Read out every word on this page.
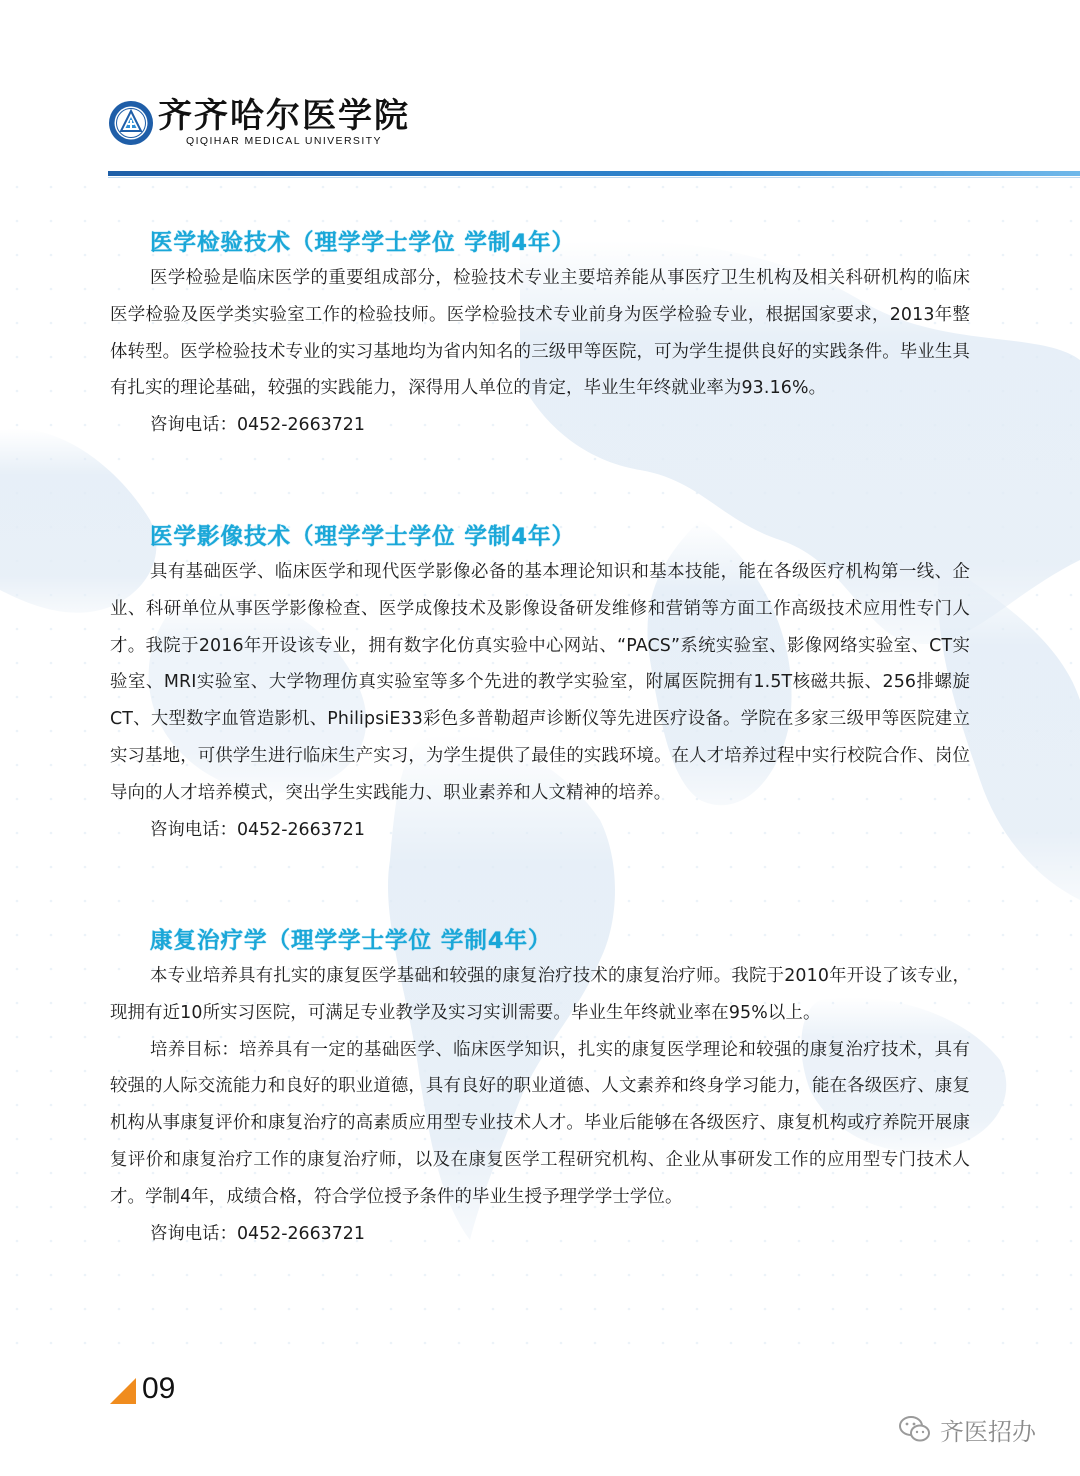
齐齐哈尔医学院
QIQIHAR MEDICAL UNIVERSITY
医学检验技术（理学学士学位 学制4年）

医学检验是临床医学的重要组成部分，检验技术专业主要培养能从事医疗卫生机构及相关科研机构的临床医学检验及医学类实验室工作的检验技师。医学检验技术专业前身为医学检验专业，根据国家要求，2013年整体转型。医学检验技术专业的实习基地均为省内知名的三级甲等医院，可为学生提供良好的实践条件。毕业生具有扎实的理论基础，较强的实践能力，深得用人单位的肯定，毕业生年终就业率为93.16%。

咨询电话：0452-2663721

医学影像技术（理学学士学位 学制4年）

具有基础医学、临床医学和现代医学影像必备的基本理论知识和基本技能，能在各级医疗机构第一线、企业、科研单位从事医学影像检查、医学成像技术及影像设备研发维修和营销等方面工作高级技术应用性专门人才。我院于2016年开设该专业，拥有数字化仿真实验中心网站、“PACS”系统实验室、影像网络实验室、CT实验室、MRI实验室、大学物理仿真实验室等多个先进的教学实验室，附属医院拥有1.5T核磁共振、256排螺旋CT、大型数字血管造影机、PhilipsiE33彩色多普勒超声诊断仪等先进医疗设备。学院在多家三级甲等医院建立实习基地，可供学生进行临床生产实习，为学生提供了最佳的实践环境。在人才培养过程中实行校院合作、岗位导向的人才培养模式，突出学生实践能力、职业素养和人文精神的培养。

咨询电话：0452-2663721

康复治疗学（理学学士学位 学制4年）

本专业培养具有扎实的康复医学基础和较强的康复治疗技术的康复治疗师。我院于2010年开设了该专业，现拥有近10所实习医院，可满足专业教学及实习实训需要。毕业生年终就业率在95%以上。

培养目标：培养具有一定的基础医学、临床医学知识，扎实的康复医学理论和较强的康复治疗技术，具有较强的人际交流能力和良好的职业道德，具有良好的职业道德、人文素养和终身学习能力，能在各级医疗、康复机构从事康复评价和康复治疗的高素质应用型专业技术人才。毕业后能够在各级医疗、康复机构或疗养院开展康复评价和康复治疗工作的康复治疗师，以及在康复医学工程研究机构、企业从事研发工作的应用型专门技术人才。学制4年，成绩合格，符合学位授予条件的毕业生授予理学学士学位。

咨询电话：0452-2663721

09
齐医招办
